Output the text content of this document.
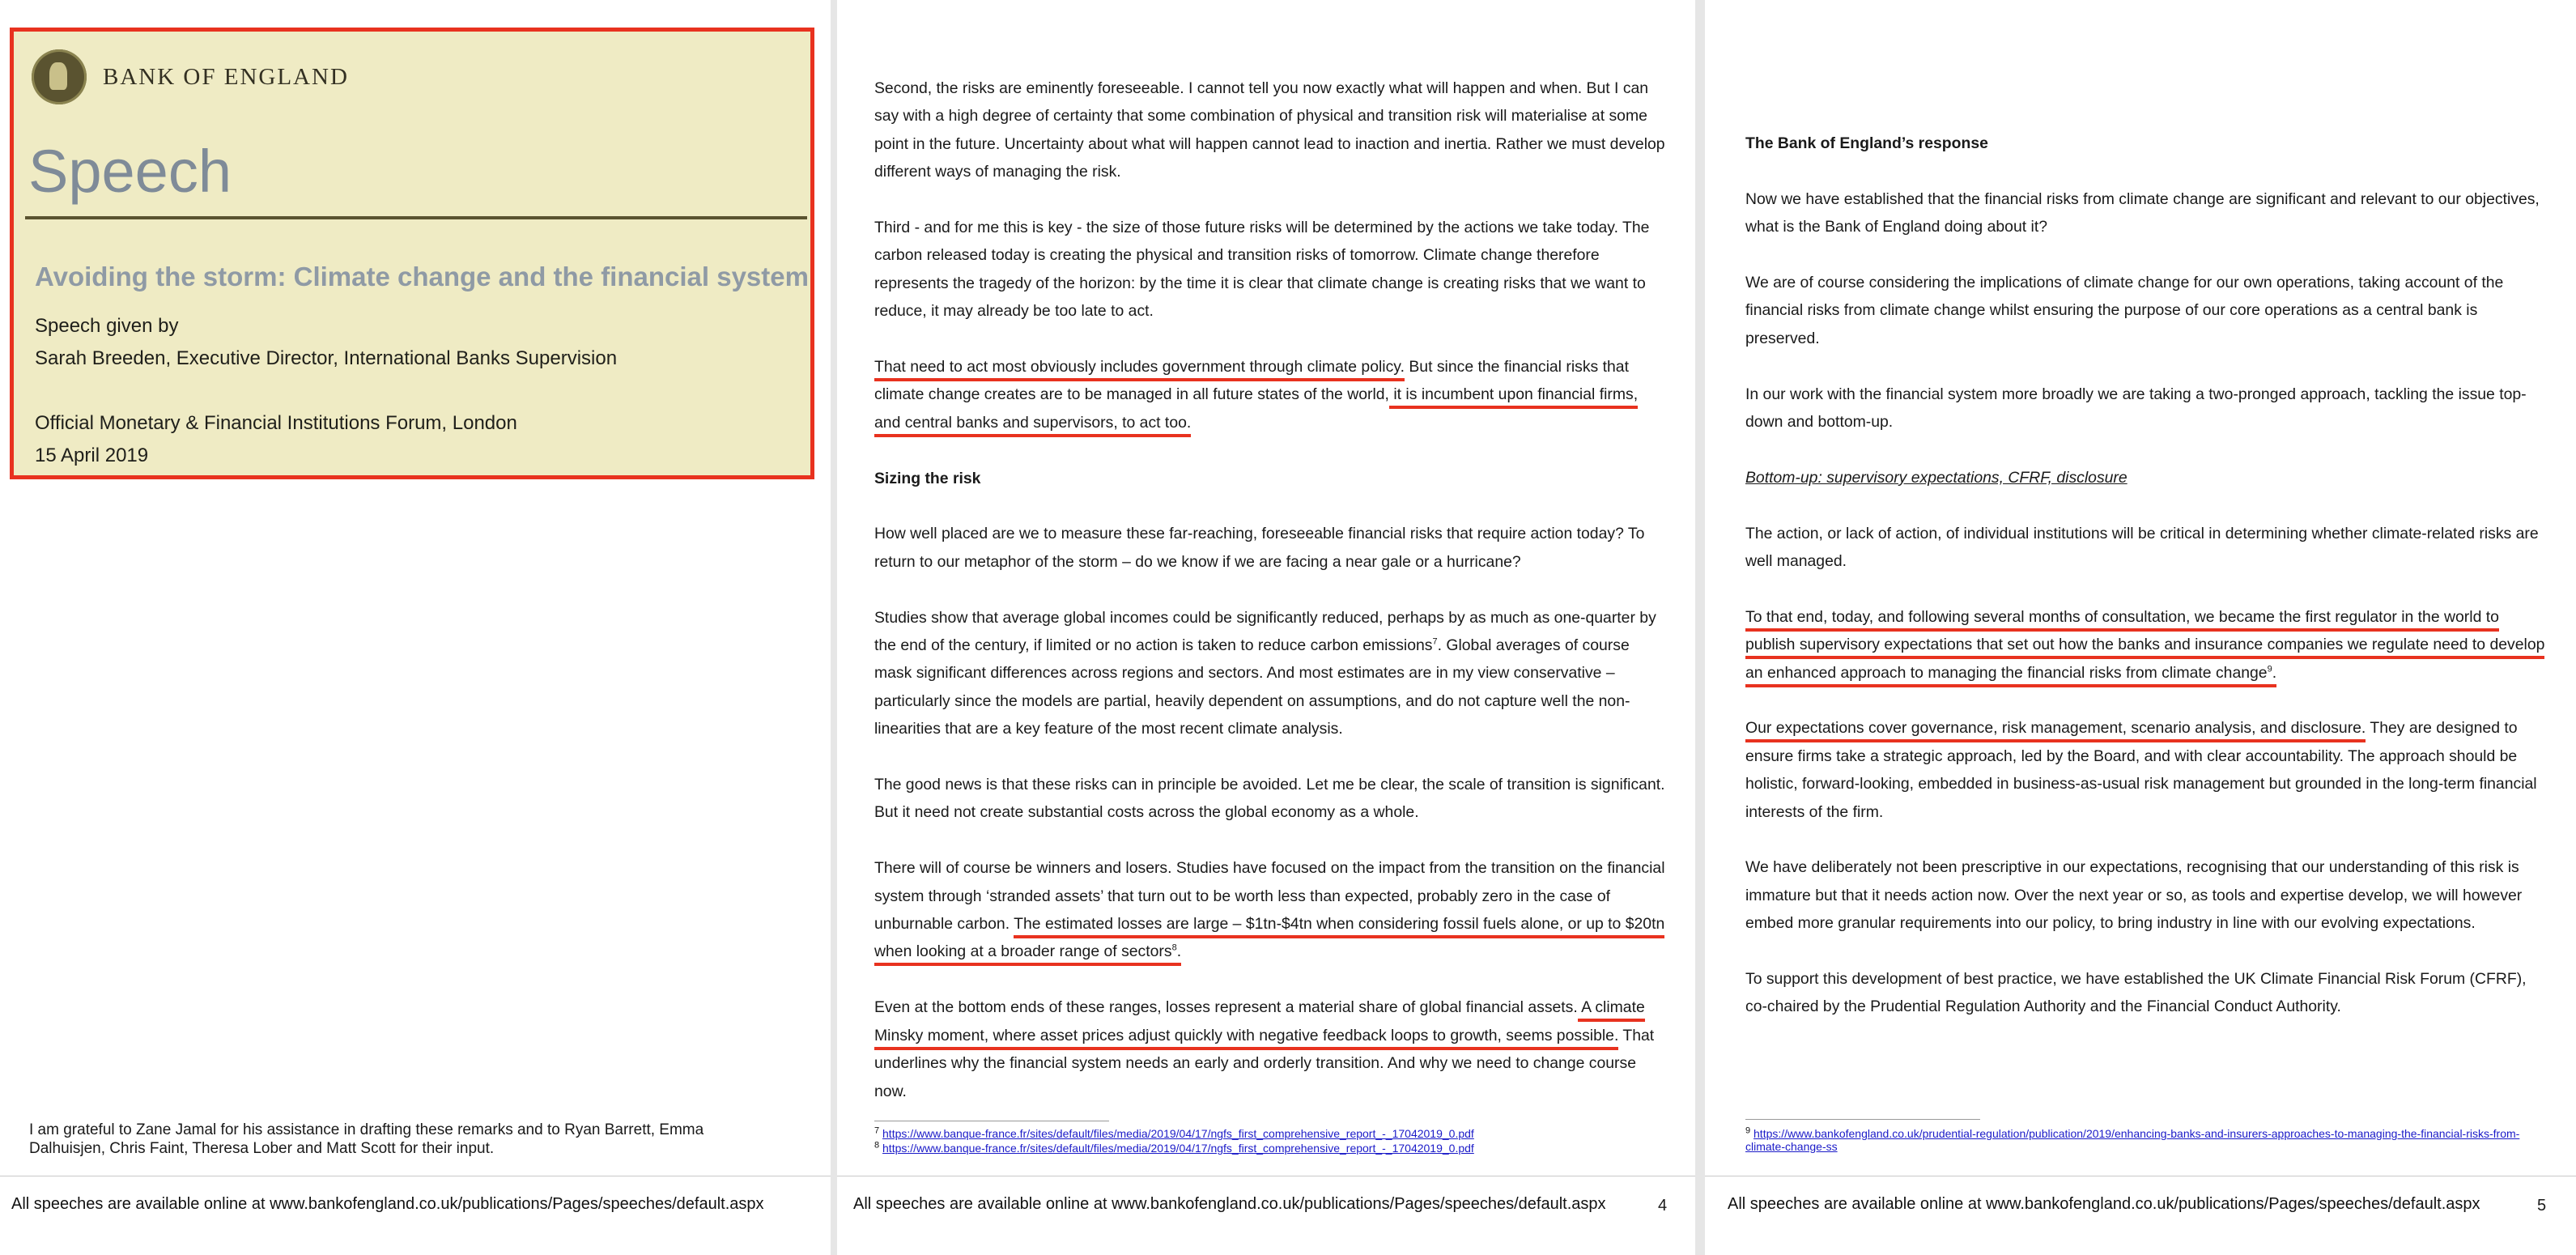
BANK OF ENGLAND
Speech
Avoiding the storm: Climate change and the financial system
Speech given by
Sarah Breeden, Executive Director, International Banks Supervision
Official Monetary & Financial Institutions Forum, London
15 April 2019
I am grateful to Zane Jamal for his assistance in drafting these remarks and to Ryan Barrett, Emma Dalhuisjen, Chris Faint, Theresa Lober and Matt Scott for their input.
All speeches are available online at www.bankofengland.co.uk/publications/Pages/speeches/default.aspx

Second, the risks are eminently foreseeable. I cannot tell you now exactly what will happen and when. But I can say with a high degree of certainty that some combination of physical and transition risk will materialise at some point in the future. Uncertainty about what will happen cannot lead to inaction and inertia. Rather we must develop different ways of managing the risk.

Third - and for me this is key - the size of those future risks will be determined by the actions we take today. The carbon released today is creating the physical and transition risks of tomorrow. Climate change therefore represents the tragedy of the horizon: by the time it is clear that climate change is creating risks that we want to reduce, it may already be too late to act.

That need to act most obviously includes government through climate policy. But since the financial risks that climate change creates are to be managed in all future states of the world, it is incumbent upon financial firms, and central banks and supervisors, to act too.

Sizing the risk

How well placed are we to measure these far-reaching, foreseeable financial risks that require action today? To return to our metaphor of the storm – do we know if we are facing a near gale or a hurricane?

Studies show that average global incomes could be significantly reduced, perhaps by as much as one-quarter by the end of the century, if limited or no action is taken to reduce carbon emissions$^7$. Global averages of course mask significant differences across regions and sectors. And most estimates are in my view conservative – particularly since the models are partial, heavily dependent on assumptions, and do not capture well the non-linearities that are a key feature of the most recent climate analysis.

The good news is that these risks can in principle be avoided. Let me be clear, the scale of transition is significant. But it need not create substantial costs across the global economy as a whole.

There will of course be winners and losers. Studies have focused on the impact from the transition on the financial system through ‘stranded assets’ that turn out to be worth less than expected, probably zero in the case of unburnable carbon. The estimated losses are large – $1tn-$4tn when considering fossil fuels alone, or up to $20tn when looking at a broader range of sectors$^8$.

Even at the bottom ends of these ranges, losses represent a material share of global financial assets. A climate Minsky moment, where asset prices adjust quickly with negative feedback loops to growth, seems possible. That underlines why the financial system needs an early and orderly transition. And why we need to change course now.

$^7$ https://www.banque-france.fr/sites/default/files/media/2019/04/17/ngfs_first_comprehensive_report_-_17042019_0.pdf
$^8$ https://www.banque-france.fr/sites/default/files/media/2019/04/17/ngfs_first_comprehensive_report_-_17042019_0.pdf
All speeches are available online at www.bankofengland.co.uk/publications/Pages/speeches/default.aspx	4
The Bank of England’s response

Now we have established that the financial risks from climate change are significant and relevant to our objectives, what is the Bank of England doing about it?

We are of course considering the implications of climate change for our own operations, taking account of the financial risks from climate change whilst ensuring the purpose of our core operations as a central bank is preserved.

In our work with the financial system more broadly we are taking a two-pronged approach, tackling the issue top-down and bottom-up.

Bottom-up: supervisory expectations, CFRF, disclosure

The action, or lack of action, of individual institutions will be critical in determining whether climate-related risks are well managed.

To that end, today, and following several months of consultation, we became the first regulator in the world to publish supervisory expectations that set out how the banks and insurance companies we regulate need to develop an enhanced approach to managing the financial risks from climate change$^9$.

Our expectations cover governance, risk management, scenario analysis, and disclosure. They are designed to ensure firms take a strategic approach, led by the Board, and with clear accountability. The approach should be holistic, forward-looking, embedded in business-as-usual risk management but grounded in the long-term financial interests of the firm.

We have deliberately not been prescriptive in our expectations, recognising that our understanding of this risk is immature but that it needs action now. Over the next year or so, as tools and expertise develop, we will however embed more granular requirements into our policy, to bring industry in line with our evolving expectations.

To support this development of best practice, we have established the UK Climate Financial Risk Forum (CFRF), co-chaired by the Prudential Regulation Authority and the Financial Conduct Authority.

$^9$ https://www.bankofengland.co.uk/prudential-regulation/publication/2019/enhancing-banks-and-insurers-approaches-to-managing-the-financial-risks-from-climate-change-ss
All speeches are available online at www.bankofengland.co.uk/publications/Pages/speeches/default.aspx	5
